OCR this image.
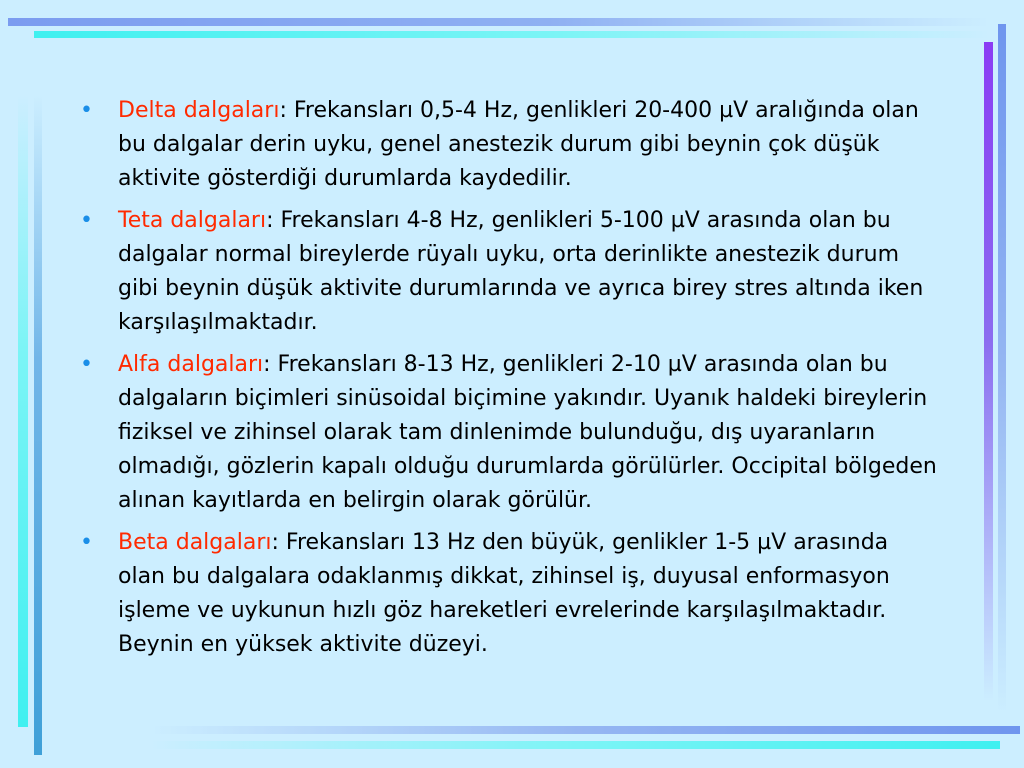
•	Delta dalgaları: Frekansları 0,5-4 Hz, genlikleri 20-400 µV aralığında olan bu dalgalar derin uyku, genel anestezik durum gibi beynin çok düşük aktivite gösterdiği durumlarda kaydedilir.
•	Teta dalgaları: Frekansları 4-8 Hz, genlikleri 5-100 µV arasında olan bu dalgalar normal bireylerde rüyalı uyku, orta derinlikte anestezik durum gibi beynin düşük aktivite durumlarında ve ayrıca birey stres altında iken karşılaşılmaktadır.
•	Alfa dalgaları: Frekansları 8-13 Hz, genlikleri 2-10 µV arasında olan bu dalgaların biçimleri sinüsoidal biçimine yakındır. Uyanık haldeki bireylerin fiziksel ve zihinsel olarak tam dinlenimde bulunduğu, dış uyaranların olmadığı, gözlerin kapalı olduğu durumlarda görülürler. Occipital bölgeden alınan kayıtlarda en belirgin olarak görülür.
•	Beta dalgaları: Frekansları 13 Hz den büyük, genlikler 1-5 µV arasında olan bu dalgalara odaklanmış dikkat, zihinsel iş, duyusal enformasyon işleme ve uykunun hızlı göz hareketleri evrelerinde karşılaşılmaktadır. Beynin en yüksek aktivite düzeyi.
